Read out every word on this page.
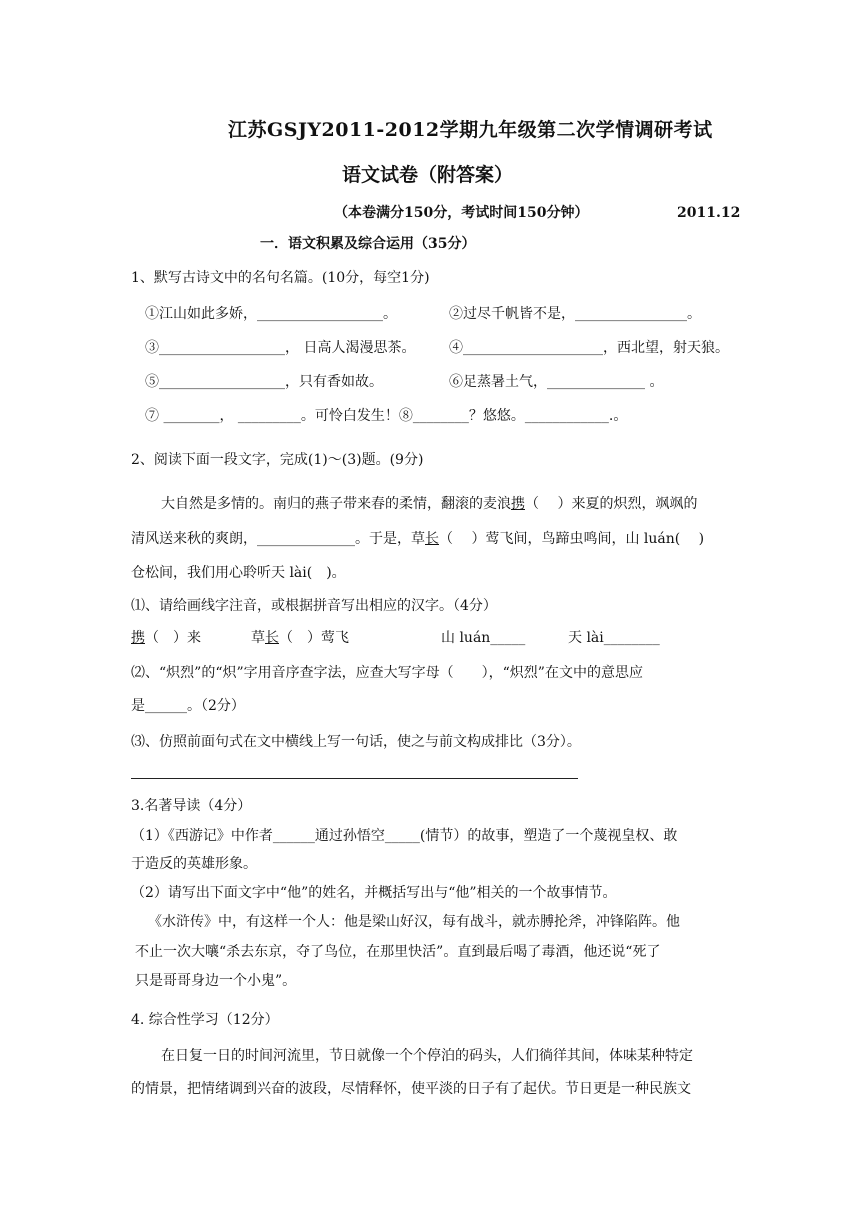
江苏GSJY2011-2012学期九年级第二次学情调研考试
语文试卷（附答案）
（本卷满分150分，考试时间150分钟）	2011.12
一．语文积累及综合运用（35分）
1、默写古诗文中的名句名篇。(10分，每空1分)
①江山如此多娇，__________________。	②过尽千帆皆不是，________________。
③__________________， 日高人渴漫思茶。 ④____________________，西北望，射天狼。
⑤__________________，只有香如故。	⑥足蒸暑土气，______________ 。
⑦ ________， _________。可怜白发生！⑧________？悠悠。____________.。
2、阅读下面一段文字，完成(1)～(3)题。(9分)
大自然是多情的。南归的燕子带来春的柔情，翻滚的麦浪携（　 ）来夏的炽烈，飒飒的
清风送来秋的爽朗，______________。于是，草长（　 ）莺飞间，鸟蹄虫鸣间，山 luán(　 )
仓松间，我们用心聆听天 lài(　)。
⑴、请给画线字注音，或根据拼音写出相应的汉字。（4分）
携（　）来	草长（　）莺飞	山 luán_____	天 lài________
⑵、“炽烈”的“炽”字用音序查字法，应查大写字母（　　），“炽烈”在文中的意思应
是______。（2分）
⑶、仿照前面句式在文中横线上写一句话，使之与前文构成排比（3分）。
3.名著导读（4分）
（1）《西游记》中作者______通过孙悟空_____(情节）的故事，塑造了一个蔑视皇权、敢
于造反的英雄形象。
（2）请写出下面文字中“他”的姓名，并概括写出与“他”相关的一个故事情节。
《水浒传》中，有这样一个人：他是梁山好汉，每有战斗，就赤膊抡斧，冲锋陷阵。他
不止一次大嚷“杀去东京，夺了鸟位，在那里快活”。直到最后喝了毒酒，他还说“死了
只是哥哥身边一个小鬼”。
4. 综合性学习（12分）
在日复一日的时间河流里，节日就像一个个停泊的码头，人们徜徉其间，体味某种特定
的情景，把情绪调到兴奋的波段，尽情释怀，使平淡的日子有了起伏。节日更是一种民族文
